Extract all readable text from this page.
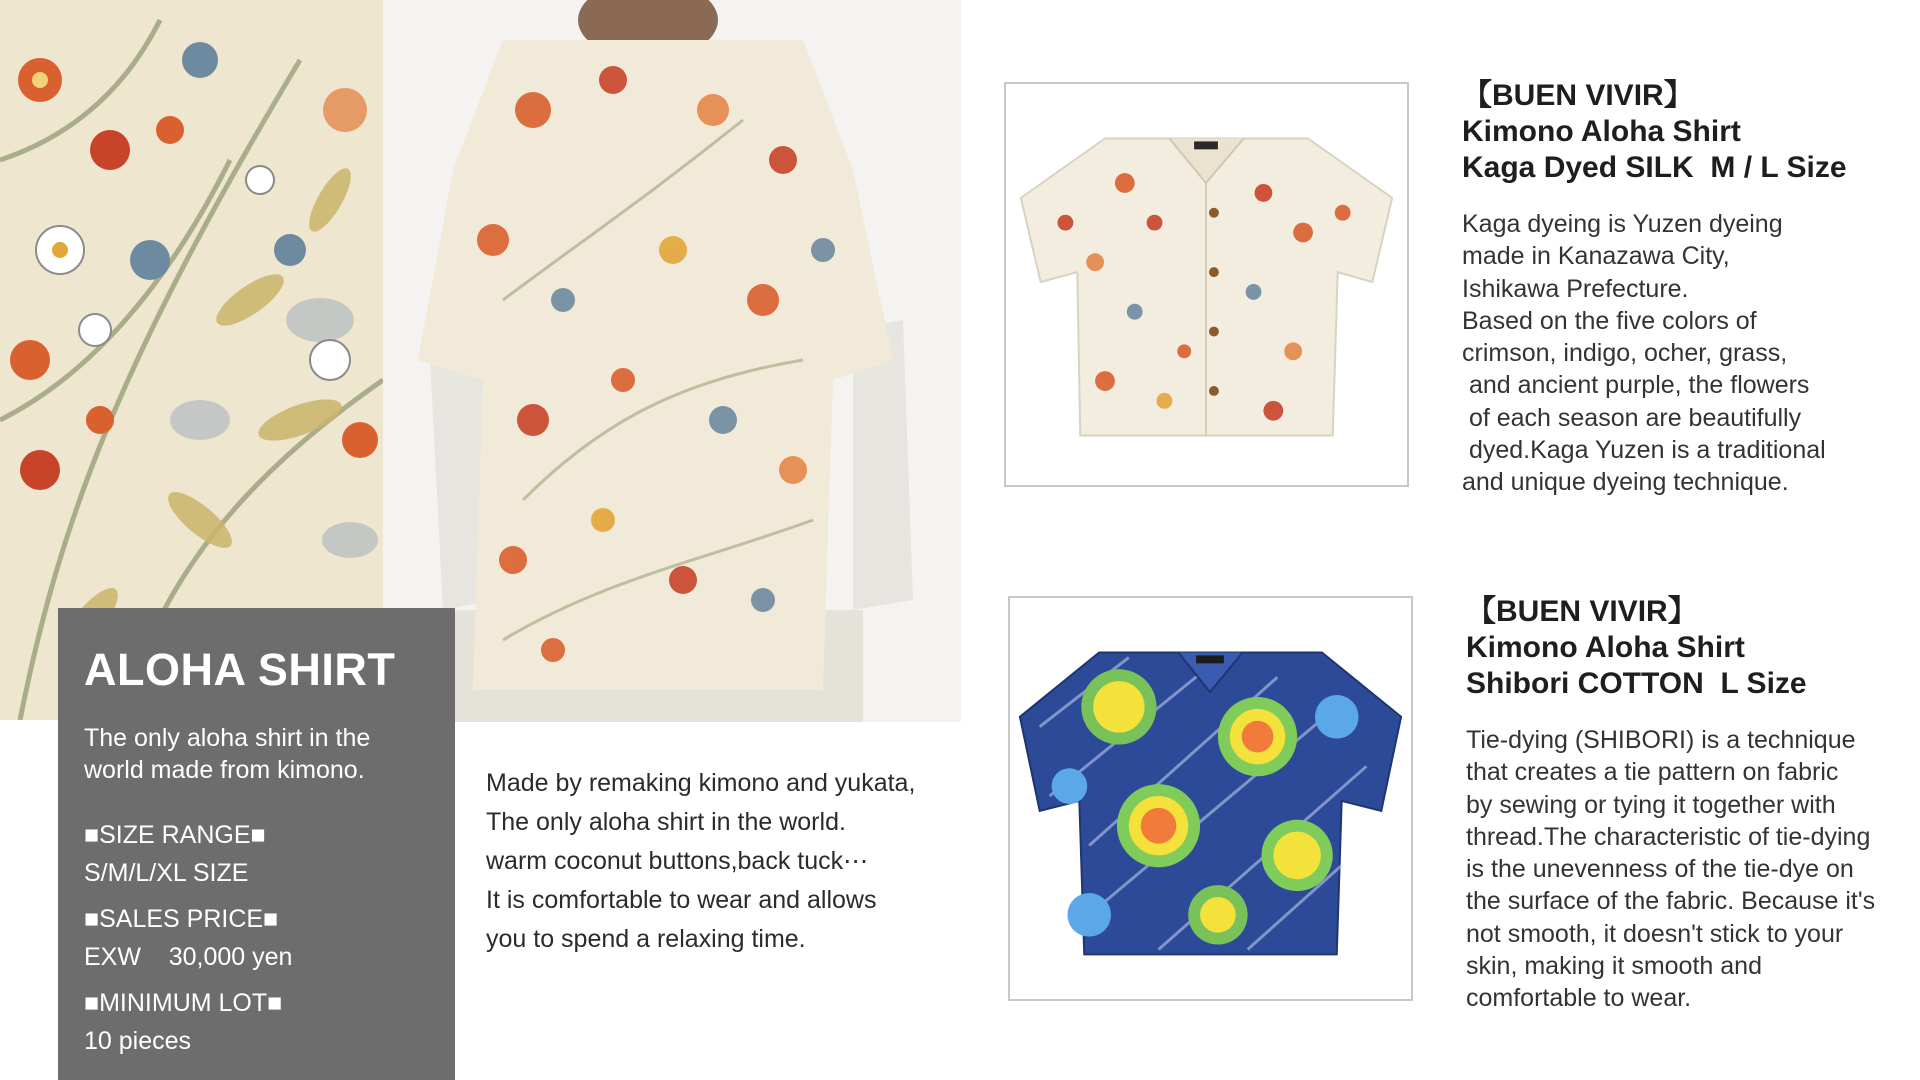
ALOHA SHIRT
The only aloha shirt in the
world made from kimono.
■SIZE RANGE■
S/M/L/XL SIZE
■SALES PRICE■
EXW    30,000 yen
■MINIMUM LOT■
10 pieces
Made by remaking kimono and yukata,
The only aloha shirt in the world.
warm coconut buttons,back tuck⋯
It is comfortable to wear and allows
you to spend a relaxing time.
【BUEN VIVIR】
Kimono Aloha Shirt
Kaga Dyed SILK  M / L Size
Kaga dyeing is Yuzen dyeing
made in Kanazawa City,
Ishikawa Prefecture.
Based on the five colors of
crimson, indigo, ocher, grass,
and ancient purple, the flowers
of each season are beautifully
dyed.Kaga Yuzen is a traditional
and unique dyeing technique.
【BUEN VIVIR】
Kimono Aloha Shirt
Shibori COTTON  L Size
Tie-dying (SHIBORI) is a technique
that creates a tie pattern on fabric
by sewing or tying it together with
thread.The characteristic of tie-dying
is the unevenness of the tie-dye on
the surface of the fabric. Because it's
not smooth, it doesn't stick to your
skin, making it smooth and
comfortable to wear.
